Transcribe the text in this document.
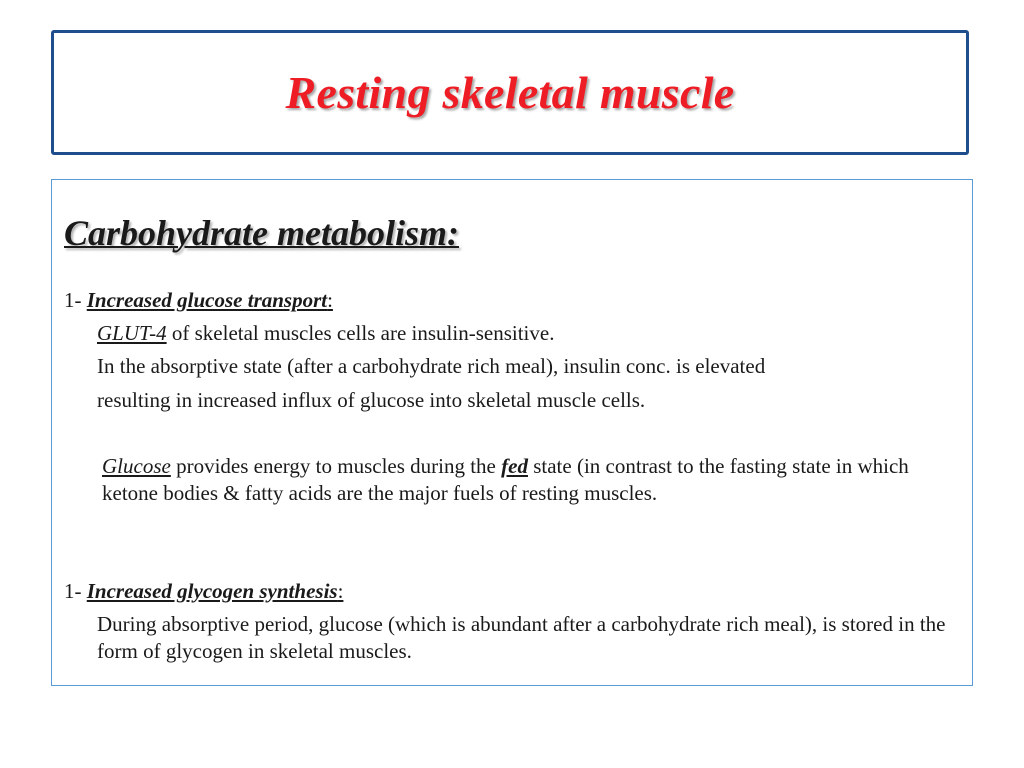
Resting skeletal muscle
Carbohydrate metabolism:

1- Increased glucose transport:

GLUT-4 of skeletal muscles cells are insulin-sensitive.

In the absorptive state (after a carbohydrate rich meal), insulin conc. is elevated

resulting in increased influx of glucose into skeletal muscle cells.

Glucose provides energy to muscles during the fed state (in contrast to the fasting state in which ketone bodies & fatty acids are the major fuels of resting muscles.

1- Increased glycogen synthesis:

During absorptive period, glucose (which is abundant after a carbohydrate rich meal), is stored in the form of glycogen in skeletal muscles.
